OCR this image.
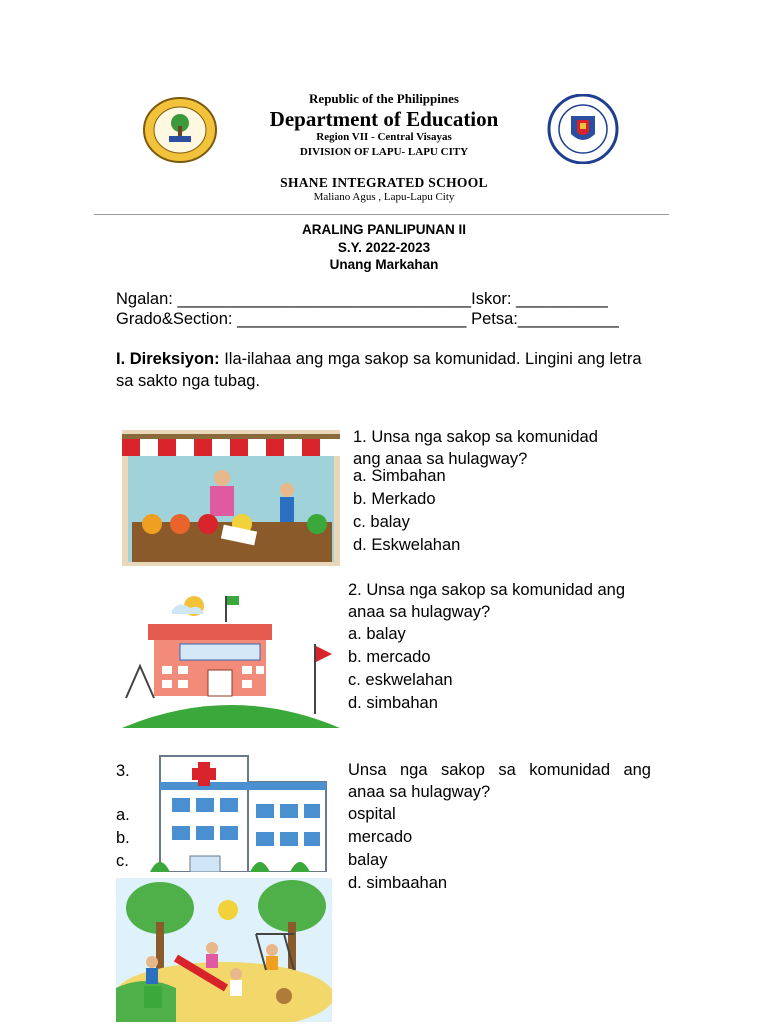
Republic of the Philippines
Department of Education
Region VII - Central Visayas
DIVISION OF LAPU- LAPU CITY
SHANE INTEGRATED SCHOOL
Maliano Agus , Lapu-Lapu City
ARALING PANLIPUNAN II
S.Y. 2022-2023
Unang Markahan
Ngalan: ________________________________Iskor: __________
Grado&Section: _________________________ Petsa:___________
I. Direksiyon: Ila-ilahaa ang mga sakop sa komunidad. Lingini ang letra sa sakto nga tubag.
1. Unsa nga sakop sa komunidad
ang anaa sa hulagway?
a. Simbahan
b. Merkado
c. balay
d. Eskwelahan
2. Unsa nga sakop sa komunidad ang
anaa sa hulagway?
a. balay
b. mercado
c. eskwelahan
d. simbahan
3.
a.
b.
c.
Unsa nga sakop sa komunidad ang
anaa sa hulagway?
ospital
mercado
balay
d. simbaahan
